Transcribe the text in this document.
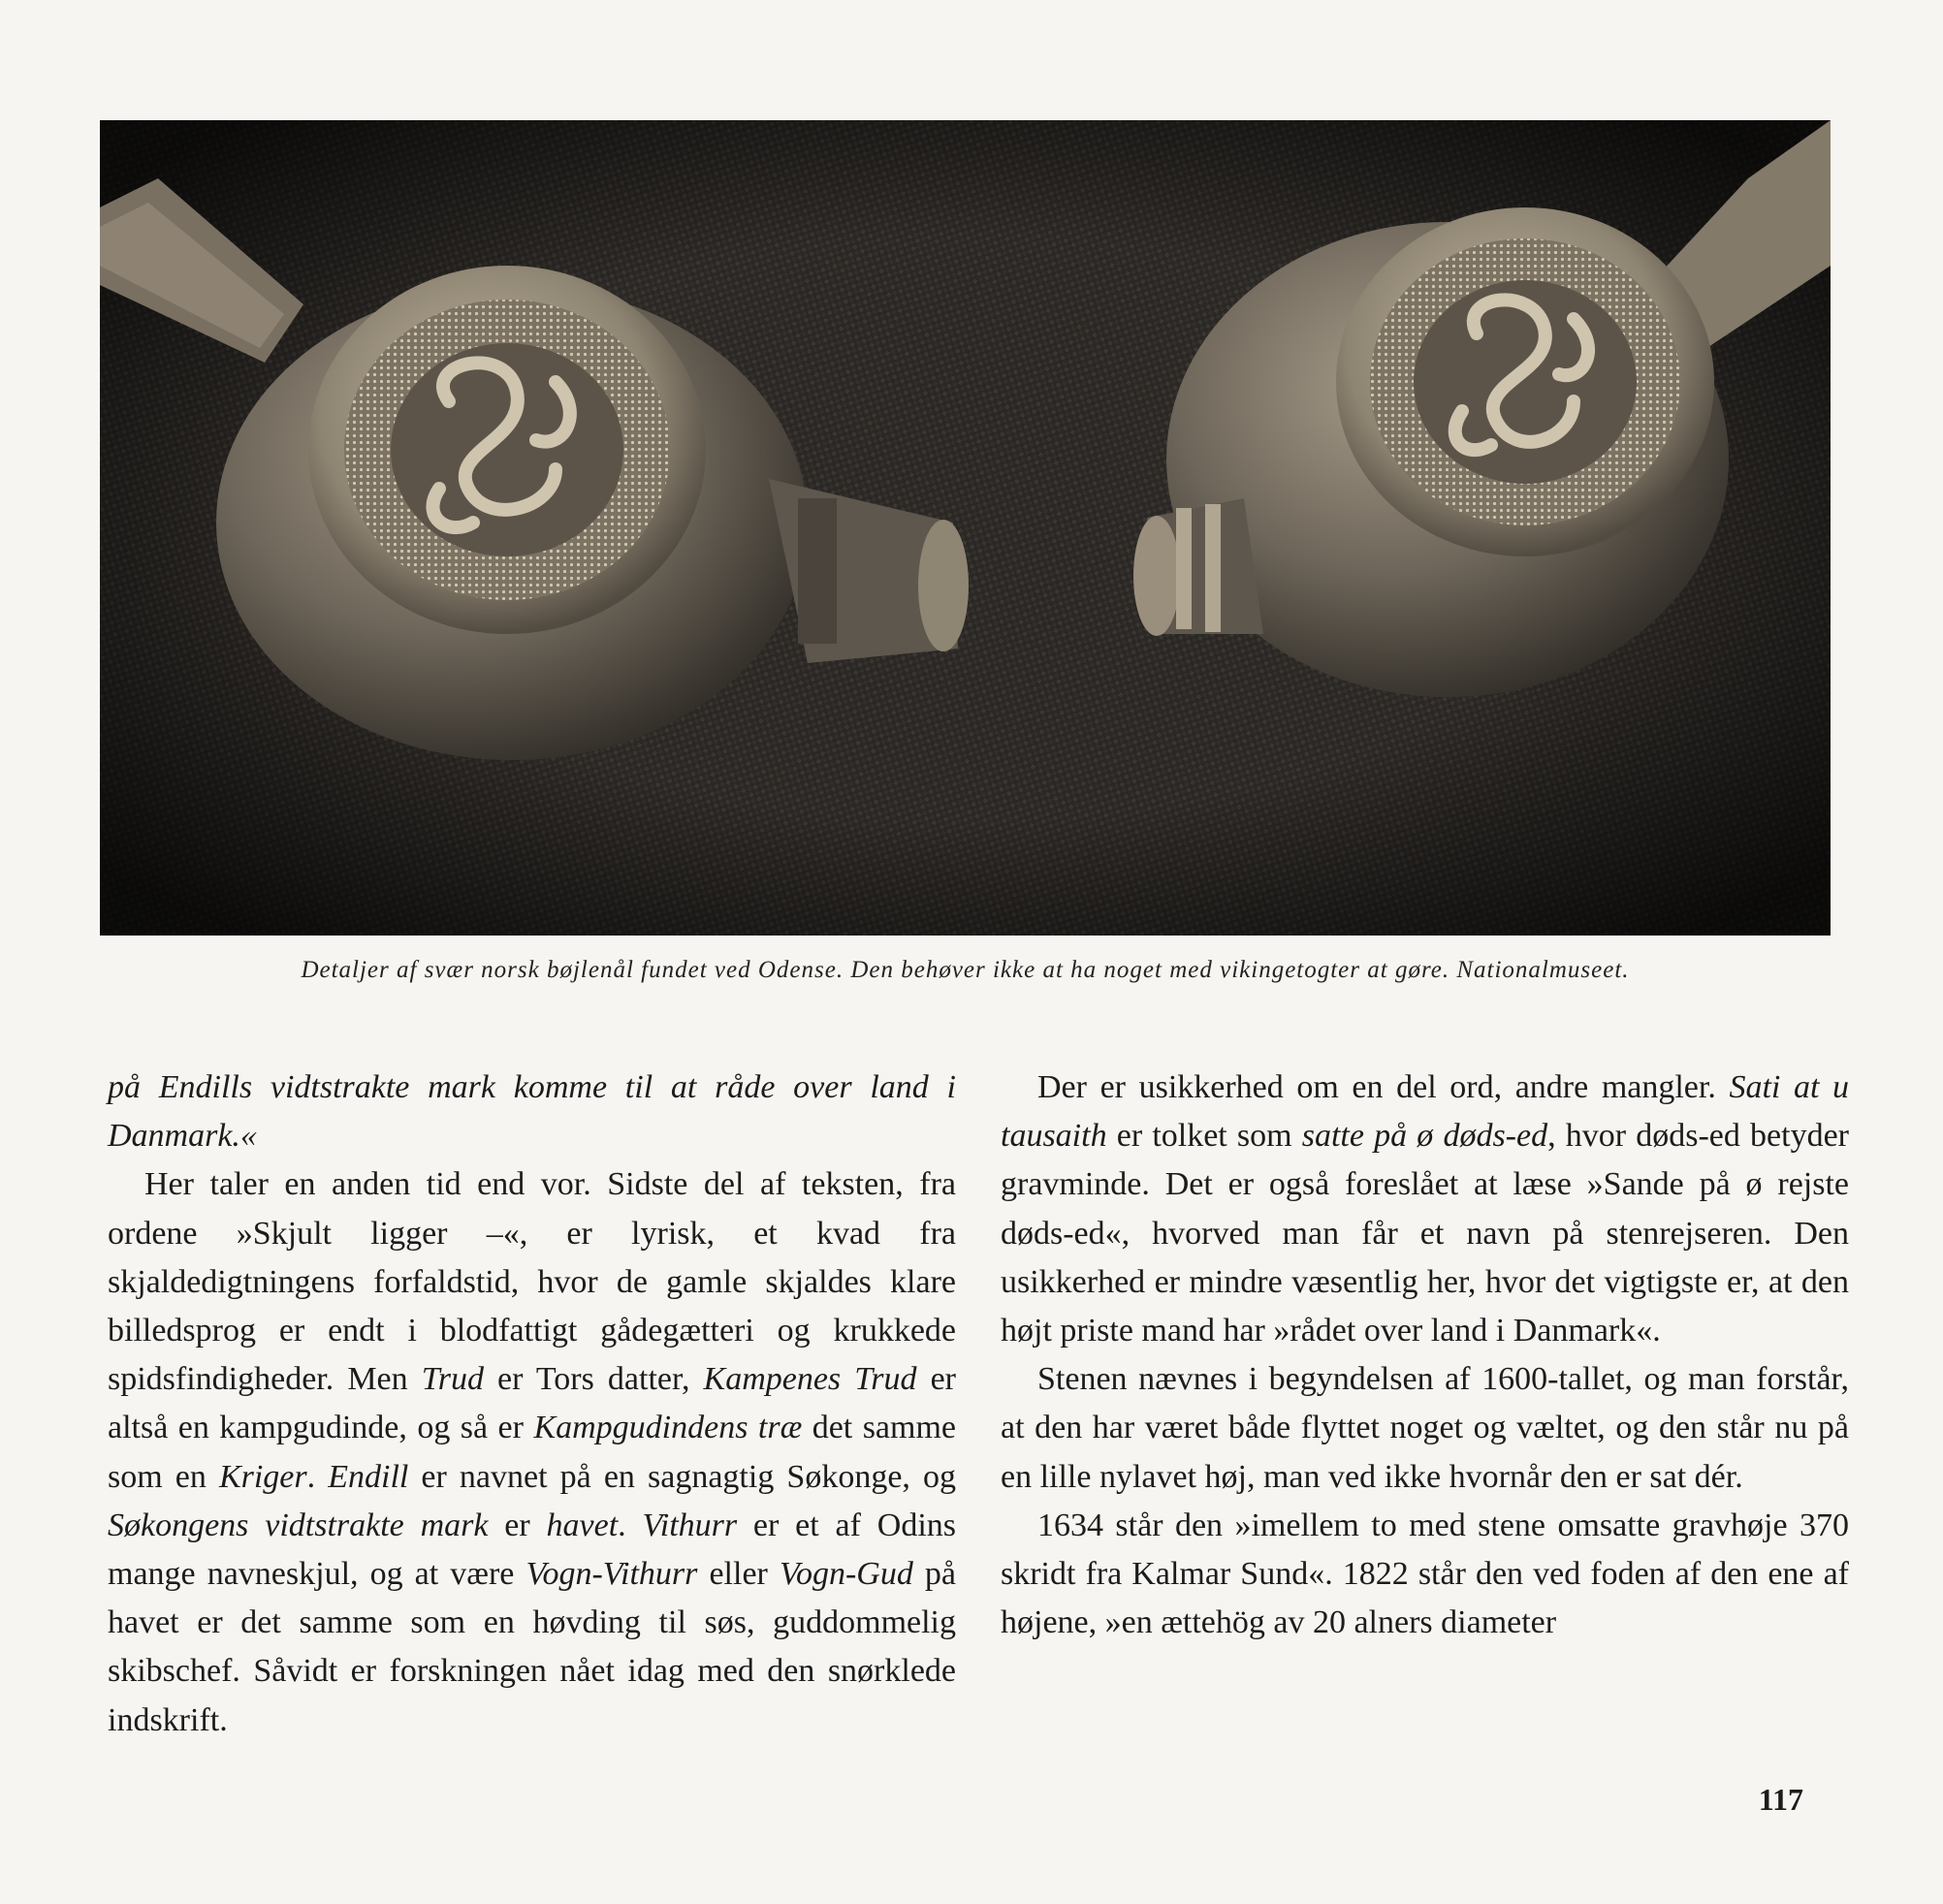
Detaljer af svær norsk bøjlenål fundet ved Odense. Den behøver ikke at ha noget med vikingetogter at gøre. Nationalmuseet.

på Endills vidtstrakte mark komme til at råde over land i Danmark.«

Her taler en anden tid end vor. Sidste del af teksten, fra ordene »Skjult ligger –«, er lyrisk, et kvad fra skjaldedigtningens forfaldstid, hvor de gamle skjaldes klare billedsprog er endt i blodfattigt gådegætteri og krukkede spidsfindigheder. Men Trud er Tors datter, Kampenes Trud er altså en kampgudinde, og så er Kampgudindens træ det samme som en Kriger. Endill er navnet på en sagnagtig Søkonge, og Søkongens vidtstrakte mark er havet. Vithurr er et af Odins mange navneskjul, og at være Vogn-Vithurr eller Vogn-Gud på havet er det samme som en høvding til søs, guddommelig skibschef. Såvidt er forskningen nået idag med den snørklede indskrift.

Der er usikkerhed om en del ord, andre mangler. Sati at u tausaith er tolket som satte på ø døds-ed, hvor døds-ed betyder gravminde. Det er også foreslået at læse »Sande på ø rejste døds-ed«, hvorved man får et navn på stenrejseren. Den usikkerhed er mindre væsentlig her, hvor det vigtigste er, at den højt priste mand har »rådet over land i Danmark«.

Stenen nævnes i begyndelsen af 1600-tallet, og man forstår, at den har været både flyttet noget og væltet, og den står nu på en lille nylavet høj, man ved ikke hvornår den er sat dér.

1634 står den »imellem to med stene omsatte gravhøje 370 skridt fra Kalmar Sund«. 1822 står den ved foden af den ene af højene, »en ættehög av 20 alners diameter

117
